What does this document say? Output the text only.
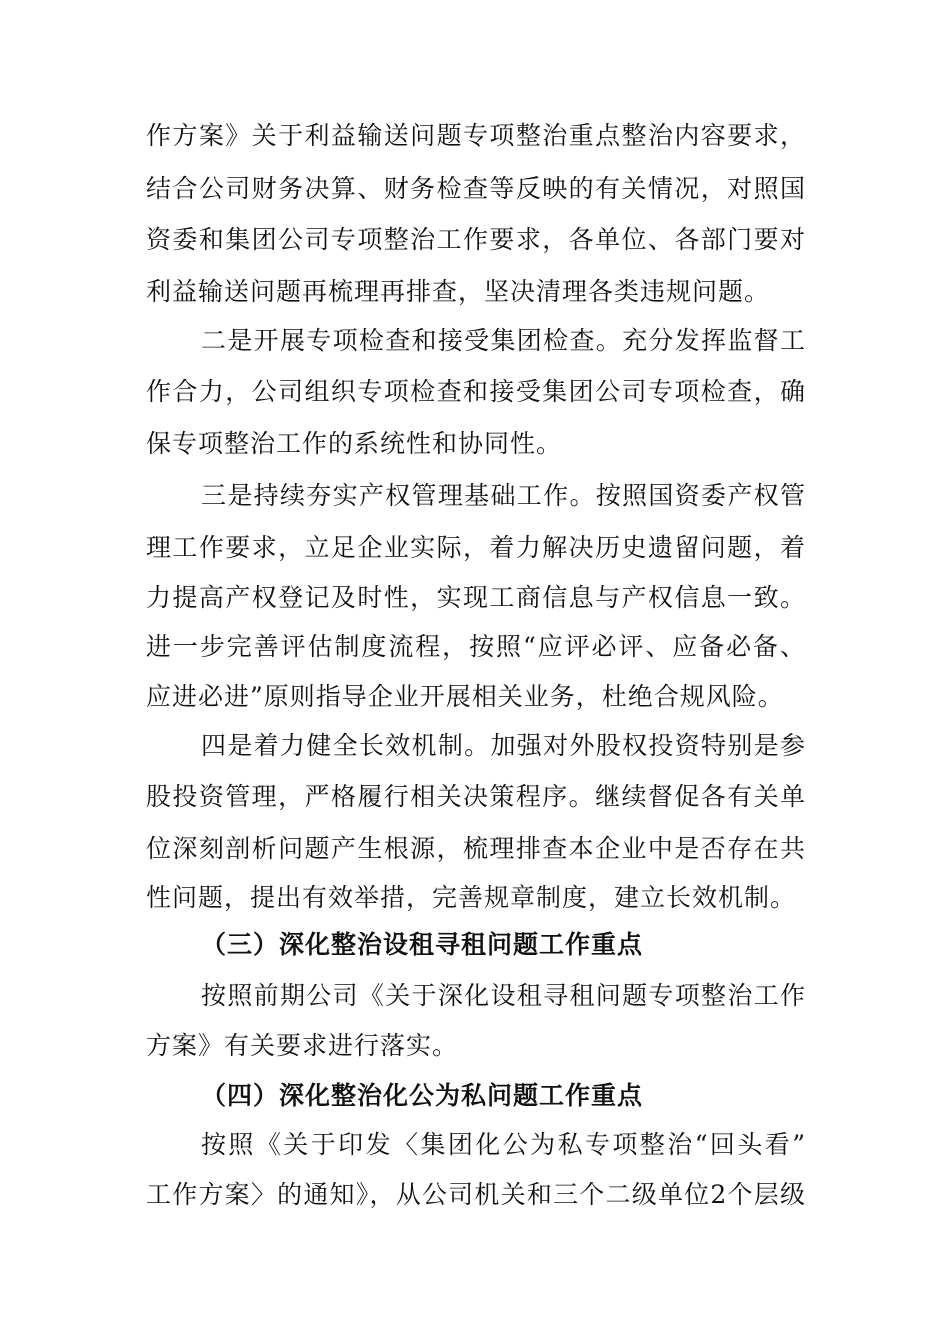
作方案》关于利益输送问题专项整治重点整治内容要求，
结合公司财务决算、财务检查等反映的有关情况，对照国
资委和集团公司专项整治工作要求，各单位、各部门要对
利益输送问题再梳理再排查，坚决清理各类违规问题。
二是开展专项检查和接受集团检查。充分发挥监督工
作合力，公司组织专项检查和接受集团公司专项检查，确
保专项整治工作的系统性和协同性。
三是持续夯实产权管理基础工作。按照国资委产权管
理工作要求，立足企业实际，着力解决历史遗留问题，着
力提高产权登记及时性，实现工商信息与产权信息一致。
进一步完善评估制度流程，按照“应评必评、应备必备、
应进必进”原则指导企业开展相关业务，杜绝合规风险。
四是着力健全长效机制。加强对外股权投资特别是参
股投资管理，严格履行相关决策程序。继续督促各有关单
位深刻剖析问题产生根源，梳理排查本企业中是否存在共
性问题，提出有效举措，完善规章制度，建立长效机制。
（三）深化整治设租寻租问题工作重点
按照前期公司《关于深化设租寻租问题专项整治工作
方案》有关要求进行落实。
（四）深化整治化公为私问题工作重点
按照《关于印发〈集团化公为私专项整治“回头看”
工作方案〉的通知》，从公司机关和三个二级单位2个层级
